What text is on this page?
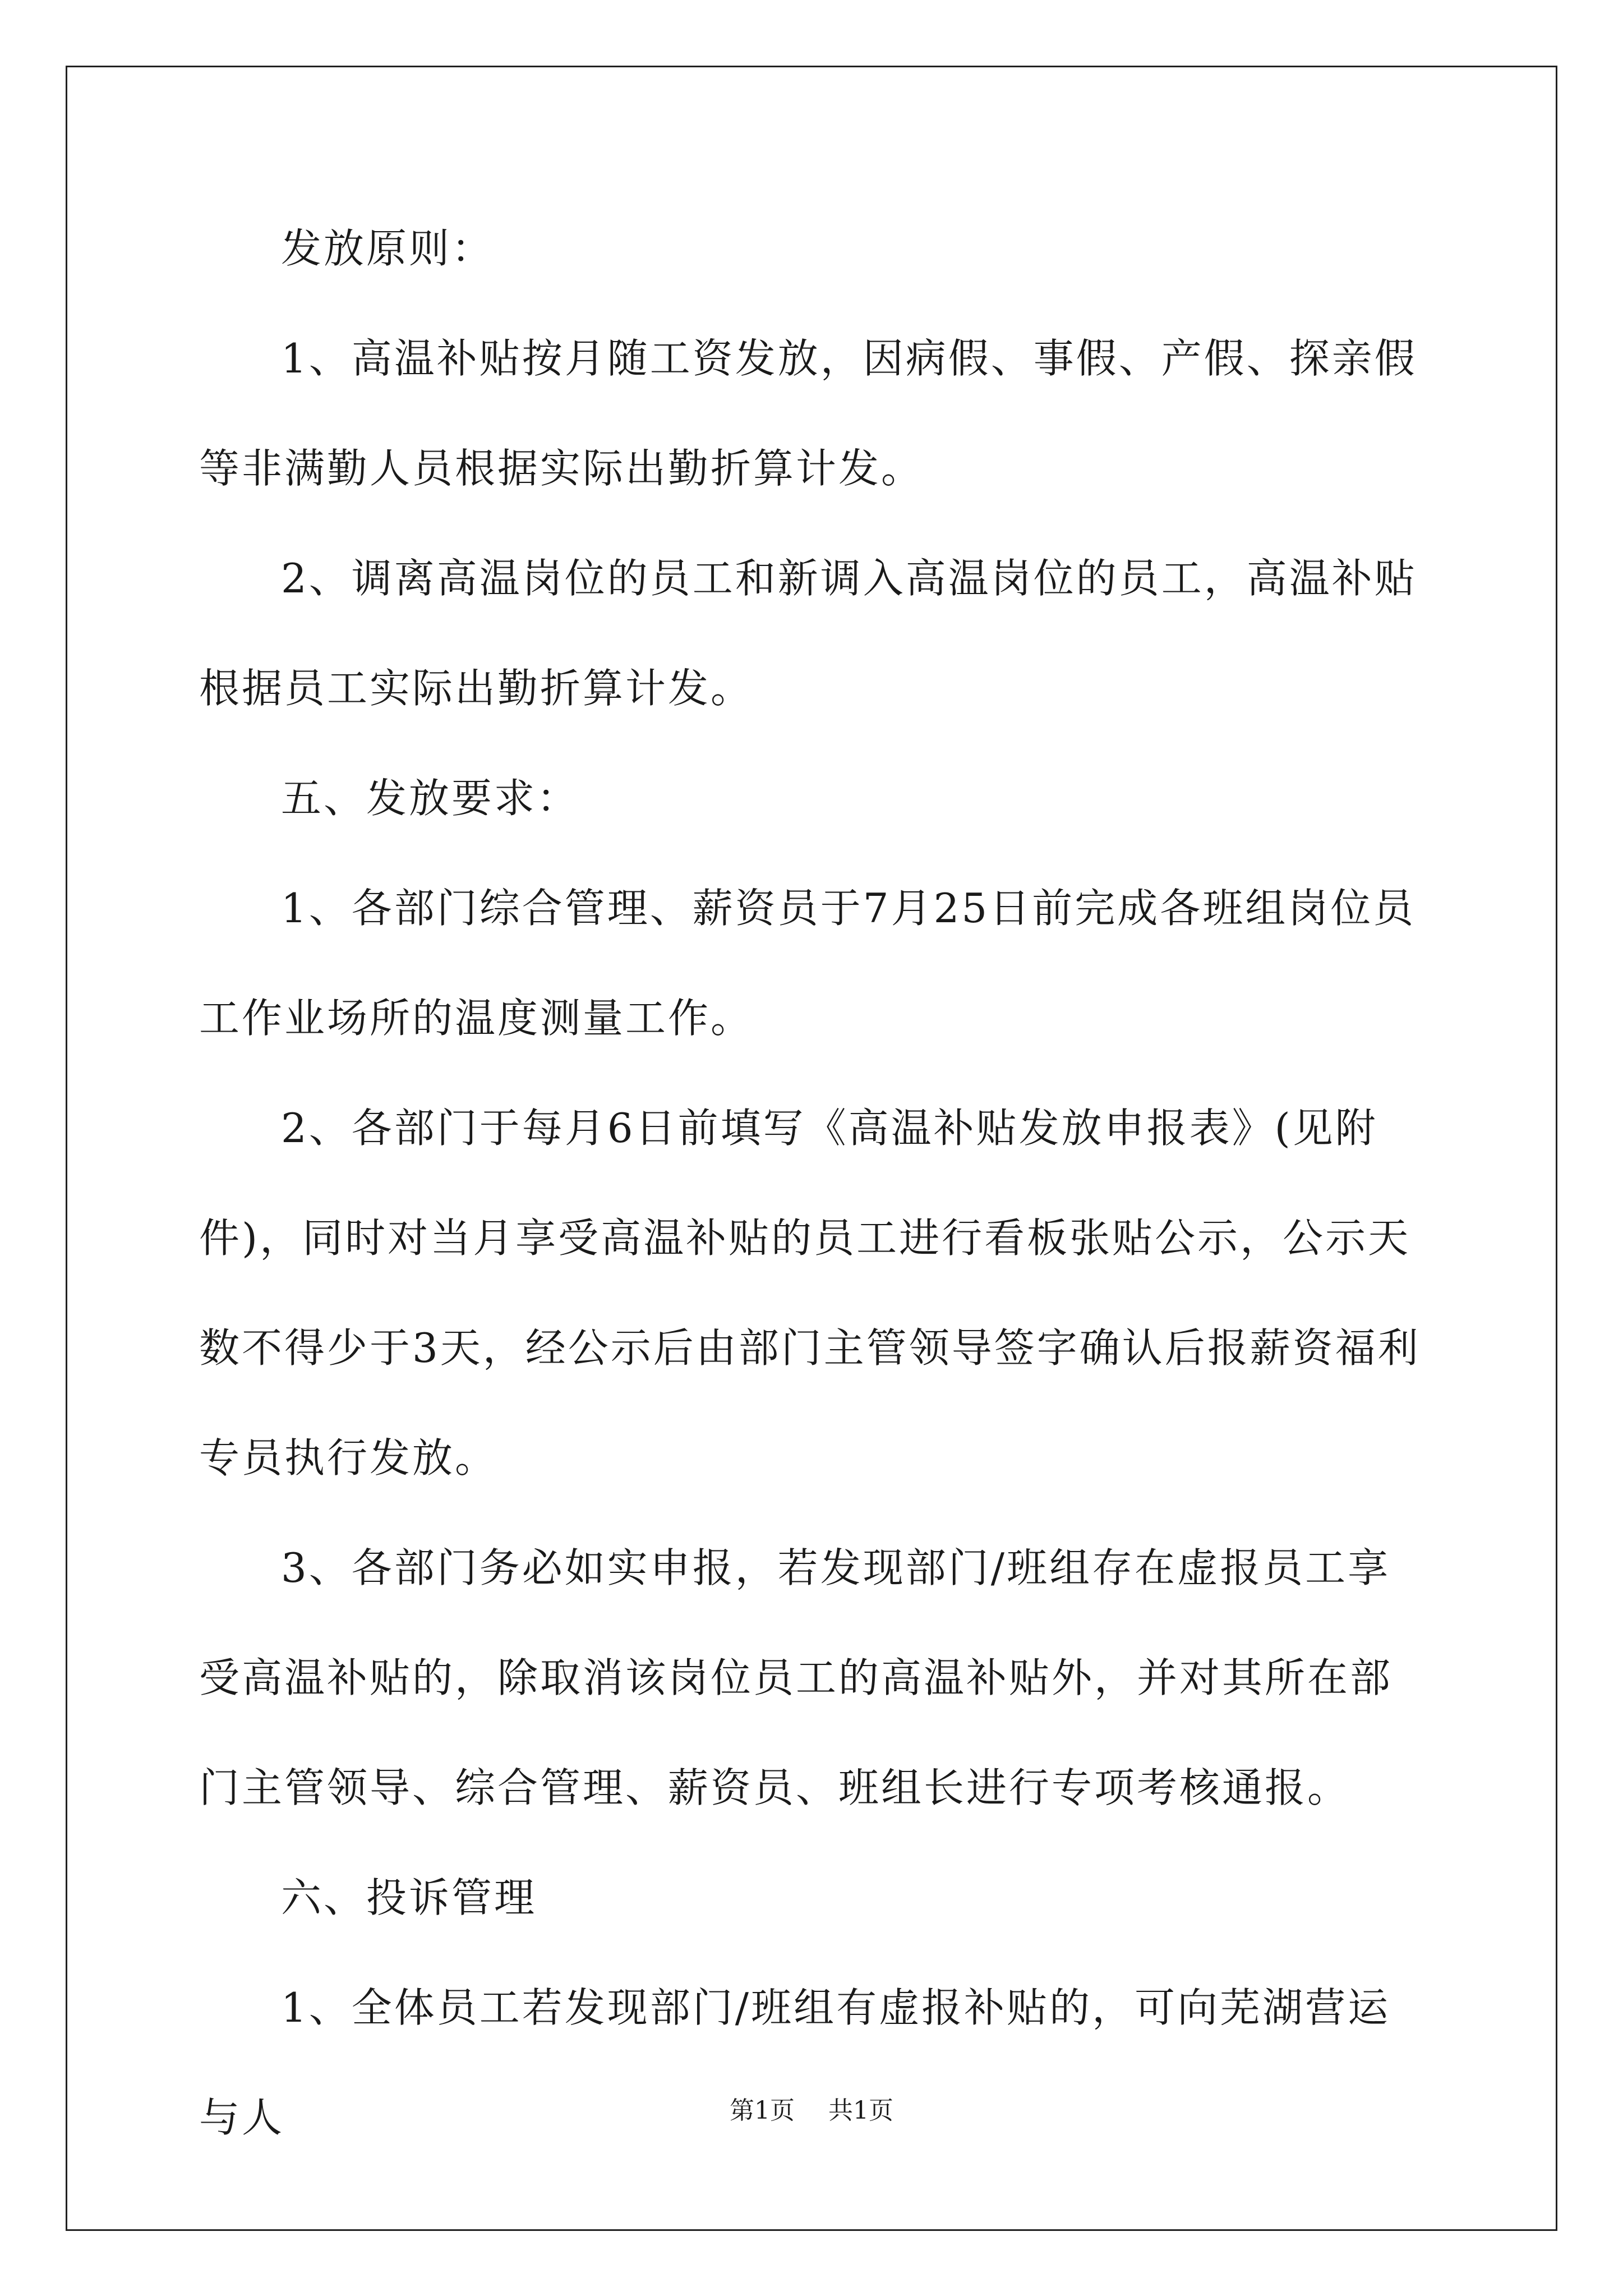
发放原则：

1、高温补贴按月随工资发放，因病假、事假、产假、探亲假等非满勤人员根据实际出勤折算计发。

2、调离高温岗位的员工和新调入高温岗位的员工，高温补贴根据员工实际出勤折算计发。

五、发放要求：

1、各部门综合管理、薪资员于7月25日前完成各班组岗位员工作业场所的温度测量工作。

2、各部门于每月6日前填写《高温补贴发放申报表》(见附件)，同时对当月享受高温补贴的员工进行看板张贴公示，公示天数不得少于3天，经公示后由部门主管领导签字确认后报薪资福利专员执行发放。

3、各部门务必如实申报，若发现部门/班组存在虚报员工享受高温补贴的，除取消该岗位员工的高温补贴外，并对其所在部门主管领导、综合管理、薪资员、班组长进行专项考核通报。

六、投诉管理

1、全体员工若发现部门/班组有虚报补贴的，可向芜湖营运与人	第1页 共1页
